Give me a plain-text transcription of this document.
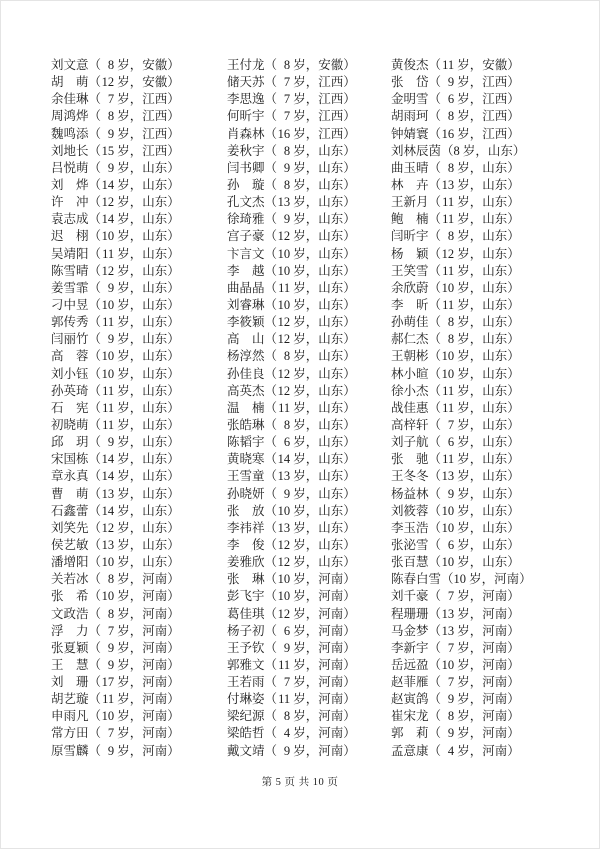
刘文意（ 8 岁，安徽）
胡　萌（12 岁，安徽）
余佳琳（ 7 岁，江西）
周鸿烨（ 8 岁，江西）
魏鸣添（ 9 岁，江西）
刘地长（15 岁，江西）
吕悦萌（ 9 岁，山东）
刘　烨（14 岁，山东）
许　冲（12 岁，山东）
袁志成（14 岁，山东）
迟　栩（10 岁，山东）
吴靖阳（11 岁，山东）
陈雪晴（12 岁，山东）
姜雪霏（ 9 岁，山东）
刁中昱（10 岁，山东）
郭传秀（11 岁，山东）
闫丽竹（ 9 岁，山东）
高　蓉（10 岁，山东）
刘小钰（10 岁，山东）
孙英琦（11 岁，山东）
石　宪（11 岁，山东）
初晓萌（11 岁，山东）
邱　玥（ 9 岁，山东）
宋国栋（14 岁，山东）
章永真（14 岁，山东）
曹　萌（13 岁，山东）
石鑫蕾（14 岁，山东）
刘笑先（12 岁，山东）
侯艺敏（13 岁，山东）
潘增阳（10 岁，山东）
关若冰（ 8 岁，河南）
张　希（10 岁，河南）
文政浩（ 8 岁，河南）
浮　力（ 7 岁，河南）
张夏颖（ 9 岁，河南）
王　慧（ 9 岁，河南）
刘　珊（17 岁，河南）
胡艺璇（11 岁，河南）
申雨凡（10 岁，河南）
常方田（ 7 岁，河南）
原雪麟（ 9 岁，河南）
王付龙（ 8 岁，安徽）
储天苏（ 7 岁，江西）
李思逸（ 7 岁，江西）
何昕宇（ 7 岁，江西）
肖森林（16 岁，江西）
姜秋宇（ 8 岁，山东）
闫书卿（ 9 岁，山东）
孙　璇（ 8 岁，山东）
孔文杰（13 岁，山东）
徐琦雅（ 9 岁，山东）
宫子豪（12 岁，山东）
卞言文（10 岁，山东）
李　越（10 岁，山东）
曲晶晶（11 岁，山东）
刘睿琳（10 岁，山东）
李筱颖（12 岁，山东）
高　山（12 岁，山东）
杨淳然（ 8 岁，山东）
孙佳良（12 岁，山东）
高英杰（12 岁，山东）
温　楠（11 岁，山东）
张皓琳（ 8 岁，山东）
陈韬宇（ 6 岁，山东）
黄晓寒（14 岁，山东）
王雪童（13 岁，山东）
孙晓妍（ 9 岁，山东）
张　放（10 岁，山东）
李祎祥（13 岁，山东）
李　俊（12 岁，山东）
姜雅欣（12 岁，山东）
张　琳（10 岁，河南）
彭飞宇（10 岁，河南）
葛佳琪（12 岁，河南）
杨子初（ 6 岁，河南）
王予钦（ 9 岁，河南）
郭雅文（11 岁，河南）
王若雨（ 7 岁，河南）
付琳姿（11 岁，河南）
梁纪源（ 8 岁，河南）
梁皓哲（ 4 岁，河南）
戴文靖（ 9 岁，河南）
黄俊杰（11 岁，安徽）
张　岱（ 9 岁，江西）
金明雪（ 6 岁，江西）
胡雨珂（ 8 岁，江西）
钟婧寰（16 岁，江西）
刘林辰茵（8 岁，山东）
曲玉晴（ 8 岁，山东）
林　卉（13 岁，山东）
王新月（11 岁，山东）
鲍　楠（11 岁，山东）
闫昕宇（ 8 岁，山东）
杨　颖（12 岁，山东）
王笑雪（11 岁，山东）
余欣蔚（10 岁，山东）
李　昕（11 岁，山东）
孙萌佳（ 8 岁，山东）
郝仁杰（ 8 岁，山东）
王朝彬（10 岁，山东）
林小暄（10 岁，山东）
徐小杰（11 岁，山东）
战佳惠（11 岁，山东）
高梓轩（ 7 岁，山东）
刘子航（ 6 岁，山东）
张　驰（11 岁，山东）
王冬冬（13 岁，山东）
杨益林（ 9 岁，山东）
刘筱蓉（10 岁，山东）
李玉浩（10 岁，山东）
张泌雪（ 6 岁，山东）
张百慧（10 岁，山东）
陈春白雪（10 岁，河南）
刘千豪（ 7 岁，河南）
程珊珊（13 岁，河南）
马金梦（13 岁，河南）
李新宇（ 7 岁，河南）
岳远盈（10 岁，河南）
赵菲雁（ 7 岁，河南）
赵寅鸽（ 9 岁，河南）
崔宋龙（ 8 岁，河南）
郭　莉（ 9 岁，河南）
孟意康（ 4 岁，河南）
第 5 页 共 10 页
